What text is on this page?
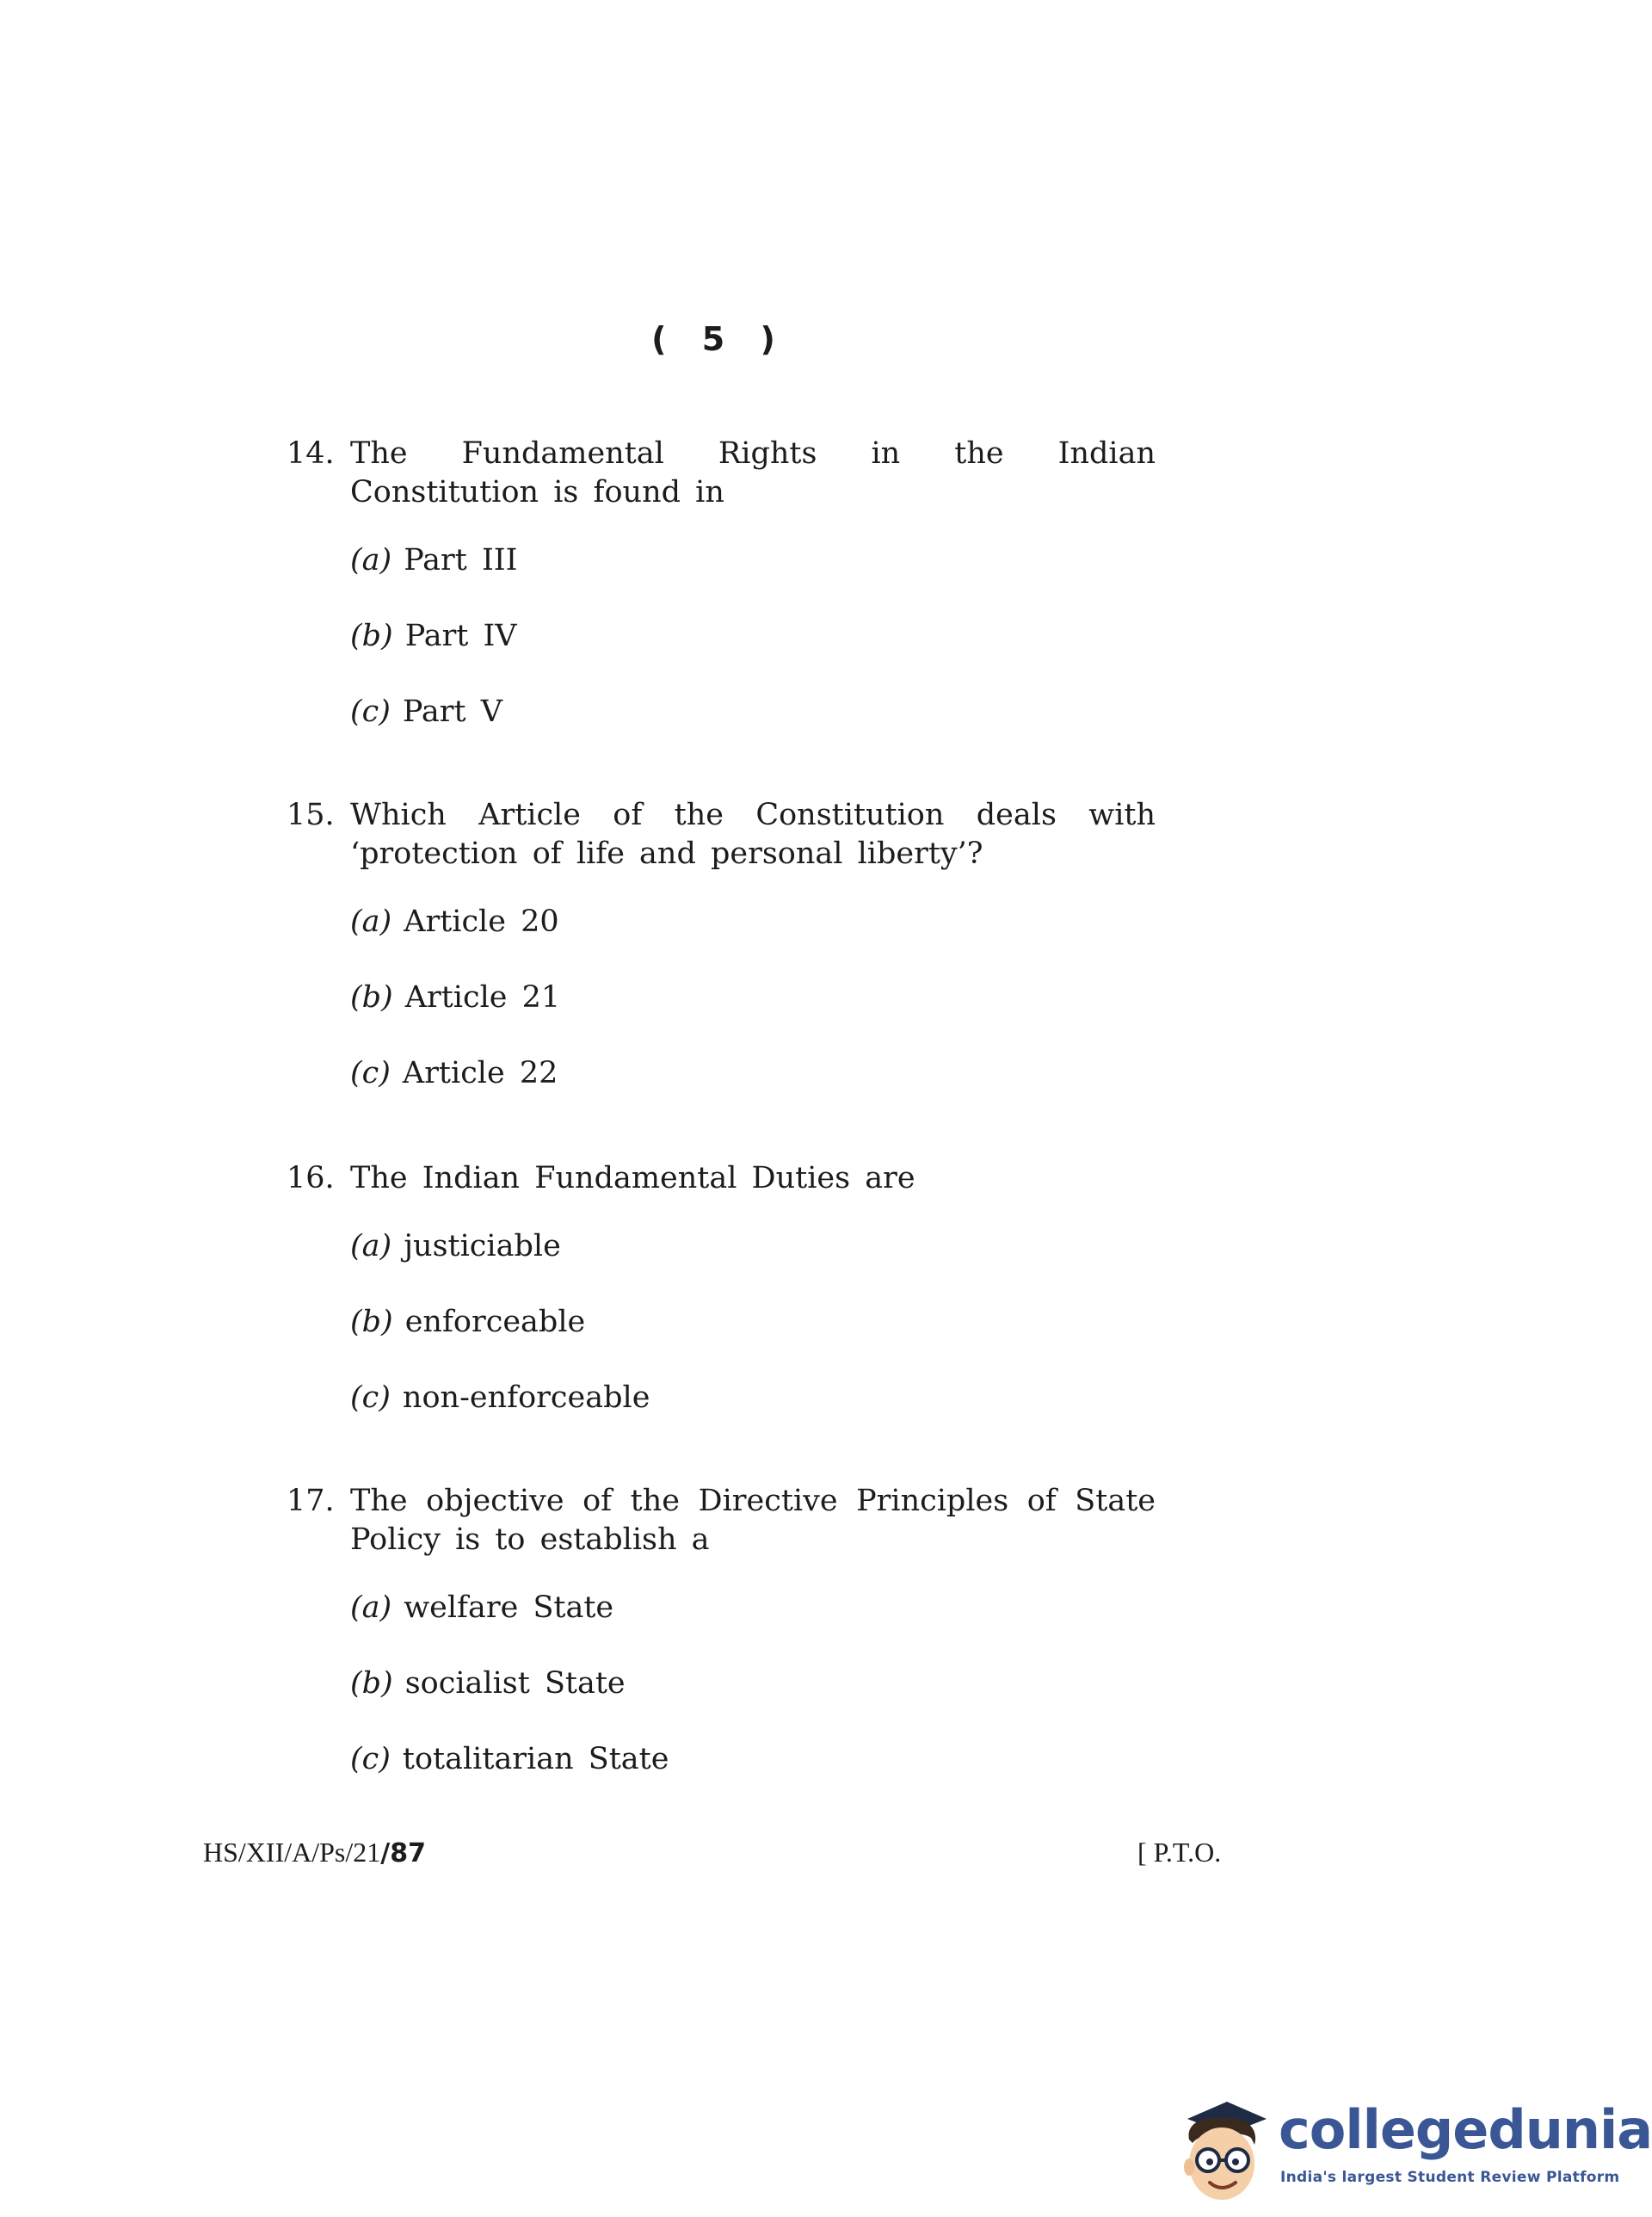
( 5 )
14. The Fundamental Rights in the Indian Constitution is found in
(a) Part III
(b) Part IV
(c) Part V
15. Which Article of the Constitution deals with ‘protection of life and personal liberty’?
(a) Article 20
(b) Article 21
(c) Article 22
16. The Indian Fundamental Duties are
(a) justiciable
(b) enforceable
(c) non-enforceable
17. The objective of the Directive Principles of State Policy is to establish a
(a) welfare State
(b) socialist State
(c) totalitarian State
HS/XII/A/Ps/21/87	[ P.T.O.
collegedunia
India's largest Student Review Platform
